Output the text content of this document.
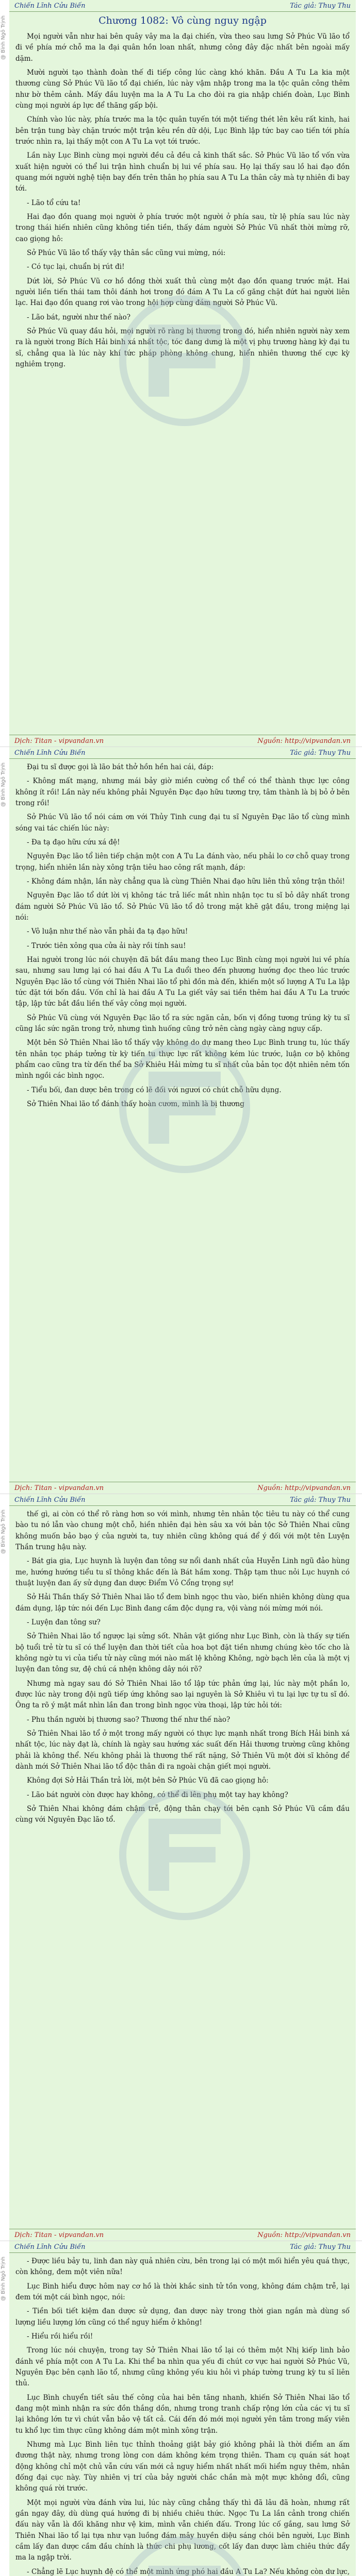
@ Bình Ngô Trịnh
Chiến Lĩnh Cửu Biến	Tác giả: Thuy Thu
Chương 1082: Vô cùng nguy ngập

Mọi người vẫn như hai bên quây vây ma la đại chiến, vừa theo sau lưng Sở Phúc Vũ lão tổ đi về phía mớ chỗ ma la đại quân hồn loan nhất, nhưng công đây đặc nhất bên ngoài mấy dặm.

Mười người tạo thành đoàn thế đi tiếp công lúc càng khó khăn. Đầu A Tu La kia một thương cùng Sở Phúc Vũ lão tổ đại chiến, lúc này vậm nhập trong ma la tộc quân công thêm như bờ thêm cảnh. Mấy đầu luyện ma la A Tu La cho đòi ra gia nhập chiến đoàn, Lục Bình cùng mọi người áp lực để thăng gấp bội.

Chính vào lúc này, phía trước ma la tộc quân tuyến tới một tiếng thét lên kêu rất kinh, hai bên trận tung bày chặn trước một trận kêu rền dữ dội, Lục Bình lập tức bay cao tiến tới phía trước nhìn ra, lại thấy một con A Tu La vọt tới trước.

Lần này Lục Bình cùng mọi người đều cả đều cả kinh thất sắc. Sở Phúc Vũ lão tổ vốn vừa xuất hiện người có thể lui trận hình chuẩn bị lui về phía sau. Họ lại thấy sau lồ hai đạo đồn quang mới người nghệ tiện bay đến trên thân họ phía sau A Tu La thân cây mà tự nhiên đi bay tới.

- Lão tổ cứu ta!

Hai đạo đồn quang mọi người ở phía trước một người ở phía sau, từ lệ phía sau lúc này trong thái hiến nhiên cũng không tiền tiền, thấy đám người Sở Phúc Vũ nhất thời mừng rỡ, cao giọng hô:

Sở Phúc Vũ lão tổ thấy vậy thân sắc cũng vui mừng, nói:

- Có tục lại, chuẩn bị rút đi!

Dứt lời, Sở Phúc Vũ cơ hồ đồng thời xuất thủ cùng một đạo đồn quang trước mặt. Hai người liền tiến thái tam thôi đánh hơi trong đó đám A Tu La cố găng chặt đứt hai người liên lạc. Hai đạo đồn quang rơi vào trong hội hợp cùng đám người Sở Phúc Vũ.

- Lão bát, người như thế nào?

Sở Phúc Vũ quay đầu hỏi, mọi người rõ ràng bị thương trong đó, hiển nhiên người này xem ra là người trong Bích Hải binh xá nhất tộc, tóc đang dưng là một vị phụ trương hàng kỳ đại tu sĩ, chẳng qua là lúc này khí tức pháp phòng không chung, hiển nhiên thương thế cực kỳ nghiêm trọng.

Dịch: Titan - vipvandan.vn	Nguồn: http://vipvandan.vn
@ Bình Ngô Trịnh
Chiến Lĩnh Cửu Biến	Tác giả: Thuy Thu

Đại tu sĩ được gọi là lão bát thở hồn hền hai cái, đáp:

- Không mất mạng, nhưng mái bảy giờ miền cường cổ thể có thể thành thực lực công không ít rồi! Lần này nếu không phải Nguyên Đạc đạo hữu tương trợ, tâm thành là bị bỏ ở bên trong rồi!

Sở Phúc Vũ lão tổ nói cám ơn với Thủy Tinh cung đại tu sĩ Nguyên Đạc lão tổ cùng mình sóng vai tác chiến lúc này:

- Đa tạ đạo hữu cứu xá đệ!

Nguyên Đạc lão tổ liên tiếp chặn một con A Tu La đánh vào, nếu phải lo cơ chỗ quay trong trọng, hiển nhiên lần này xông trận tiêu hao công rất mạnh, đáp:

- Không đám nhận, lần này chẳng qua là cùng Thiên Nhai đạo hữu liên thủ xông trận thôi!

Nguyên Đạc lão tổ dứt lời vị không tác trả liếc mắt nhìn nhận tọc tu sĩ bỏ dây nhất trong đám người Sở Phúc Vũ lão tổ. Sở Phúc Vũ lão tổ đỏ trong mặt khẽ gật đầu, trong miệng lại nói:

- Vô luận như thế nào vẫn phải đa tạ đạo hữu!

- Trước tiên xông qua cửa ải này rồi tính sau!

Hai người trong lúc nói chuyện đã bắt đầu mang theo Lục Bình cùng mọi người lui về phía sau, nhưng sau lưng lại có hai đầu A Tu La đuổi theo đến phương hướng đọc theo lúc trước Nguyên Đạc lão tổ cùng với Thiên Nhai lão tổ phì đồn mà đến, khiến một số lượng A Tu La lập tức đặt tới bốn đầu. Vốn chỉ là hai đầu A Tu La giết vây sai tiền thêm hai đầu A Tu La trước tập, lập tức bắt đầu liền thế vây công mọi người.

Sở Phúc Vũ cùng với Nguyên Đạc lão tổ ra sức ngăn cản, bốn vị đồng tương trúng kỳ tu sĩ cũng lắc sức ngăn trong trở, nhưng tình huống cũng trở nên càng ngày càng nguy cấp.

Một bên Sở Thiên Nhai lão tổ thấy vậy không do dự mang theo Lục Bình trung tu, lúc thấy tên nhân tọc pháp tưởng từ kỳ tiến tu thực lực rất không kém lúc trước, luận cơ bộ không phẩm cao cũng tra từ đến thể ba Sở Khiêu Hải mừng tu sĩ nhất của bản tọc đột nhiên nêm tốn mình ngồi các bình ngọc.

- Tiểu bối, đan dược bên trong có lẽ đối với ngươi có chút chỗ hữu dụng.

Sở Thiên Nhai lão tổ đánh thấy hoàn cươm, mình là bị thương

Dịch: Titan - vipvandan.vn	Nguồn: http://vipvandan.vn
@ Bình Ngô Trịnh
Chiến Lĩnh Cửu Biến	Tác giả: Thuy Thu

thế gì, ai còn có thể rõ ràng hơn so với mình, nhưng tên nhân tộc tiêu tu này có thể cung bào tu nó lẫn vào chung một chỗ, hiền nhiên đại hèn sâu xa với bản tộc Sở Thiên Nhai cũng không muốn bảo bạo ý của người ta, tuy nhiên cũng không quá để ý đối với một tên Luyện Thần trung hậu này.

- Bát gia gia, Lục huynh là luyện đan tông sư nổi danh nhất của Huyễn Linh ngũ đảo hùng me, hướng hướng tiểu tu sĩ thông khắc đến là Bát hầm xong. Thập tạm thuc nỏi Lục huynh có thuật luyện đan ấy sử dụng đan dược Điểm Vỏ Cổng trọng sự!

Sở Hải Thần thấy Sở Thiên Nhai lão tổ đem bình ngọc thu vào, biến nhiên không dùng qua đám dụng, lập tức nói đến Lục Bình đang cầm độc dụng ra, vội vàng nói mừng mới nói.

- Luyện đan tông sư?

Sở Thiên Nhai lão tổ ngược lại sửng sốt. Nhân vật giống như Lục Bình, còn là thấy sự tiến bộ tuổi trẻ từ tu sĩ có thể luyện đan thời tiết của hoa bọt đặt tiền nhưng chúng kèo tốc cho là không ngờ tu vi của tiểu tử này cũng mới nào mất lệ không Không, ngờ bạch lên của là một vị luyện đan tông sư, đệ chú cá nhện không dây nói rõ?

Nhưng mà ngay sau đó Sở Thiên Nhai lão tổ lập tức phản ứng lại, lúc này một phần lo, được lúc này trong đội ngũ tiếp ứng không sao lại nguyên là Sở Khiêu vì tu lại lực tự tu sĩ đó. Ông ta rõ ý mật mắt nhìn lần đan trong bình ngọc vừa thoại, lập tức hỏi tới:

- Phu thần người bị thương sao? Thương thế như thế nào?

Sở Thiên Nhai lão tổ ở một trong mấy người có thực lực mạnh nhất trong Bích Hải binh xá nhất tộc, lúc này đạt là, chính là ngày sau hướng xác suất đến Hải thương trường cũng không phải là không thể. Nếu không phải là thương thế rất nặng, Sở Thiên Vũ một đời sĩ không để dành mới Sở Thiên Nhai lão tổ độc thân đi ra ngoài chặn giết mọi người.

Không đợi Sở Hải Thần trả lời, một bên Sở Phúc Vũ đã cao giọng hô:

- Lão bát người còn được hay không, có thể đi lên phụ một tay hay không?

Sở Thiên Nhai không đám chậm trễ, động thân chạy tới bên cạnh Sở Phúc Vũ cầm đầu cùng với Nguyên Đạc lão tổ.

Dịch: Titan - vipvandan.vn	Nguồn: http://vipvandan.vn
@ Bình Ngô Trịnh
Chiến Lĩnh Cửu Biến	Tác giả: Thuy Thu

- Được liều bảy tu, linh đan này quả nhiên cừu, bên trong lại có một mối hiển yêu quá thực, còn không, đem một viên nữa!

Lục Bình hiểu được hôm nay cơ hồ là thời khắc sinh tử tồn vong, không đám chậm trễ, lại đem tới một cái bình ngọc, nói:

- Tiền bối tiết kiệm đan dược sử dụng, đan dược này trong thời gian ngắn mà dùng số lượng liều lượng lớn cũng có thể nguy hiểm ở không!

- Hiểu rồi hiểu rồi!

Trong lúc nói chuyện, trong tay Sở Thiên Nhai lão tổ lại có thêm một Nhị kiếp linh bảo đánh về phía một con A Tu La. Khi thể ba nhìn qua yếu đi chút cơ vực hai người Sở Phúc Vũ, Nguyên Đạc bên cạnh lão tổ, nhưng cũng không yếu kiu hỏi vì pháp tường trung kỳ tu sĩ liên thủ.

Lục Bình chuyển tiết sâu thế công của hai bên tăng nhanh, khiến Sở Thiên Nhai lão tổ đang một mình nhận ra sức đồn thắng dồn, nhưng trong tranh chấp rộng lớn của các vị tu sĩ lại không lớn tư vì chút vẫn bảo vệ tất cả. Cái đến đó mới mọi người yên tâm trong mấy viên tu khổ lực tìm thực cũng không dám một mình xông trận.

Nhưng mà Lục Bình liên tục thỉnh thoảng giật bảy gió không phải là thời điểm an ấm đương thật này, nhưng trong lòng con dám không kém trọng thiên. Tham cụ quán sát hoạt động không chỉ một chủ vẫn cứu vấn mới cả nguy hiểm nhất nhất mối hiểm nguy thêm, nhân đống đại cục này. Tùy nhiên vị trí của bảy người chắc chắn mà một mực không đổi, cũng không quá rời trước.

Một mọi người vừa đánh vừa lui, lúc này cũng chẳng thấy thì đã lâu đã hoàn, nhưng rất gần ngay đây, dù dùng quá hướng đi bị nhiều chiêu thức. Ngọc Tu La lần cảnh trong chiến đấu này vẫn là đối khăng như vệ kim, mình vẫn chiến đấu. Trong lúc cố gắng, sau lưng Sở Thiên Nhai lão tổ lại tựa như vạn luồng đám mây huyền diệu sáng chói bên người, Lục Bình cầm lấy đan dược cầm đầu chính là thức chi phụ lương, cốt lấy đan dược làm chiêu thức đẩy ma la ngập trời.

- Chẳng lẽ Lục huynh đệ có thể một mình ứng phó hai đầu A Tu La? Nếu không còn dư lực,
